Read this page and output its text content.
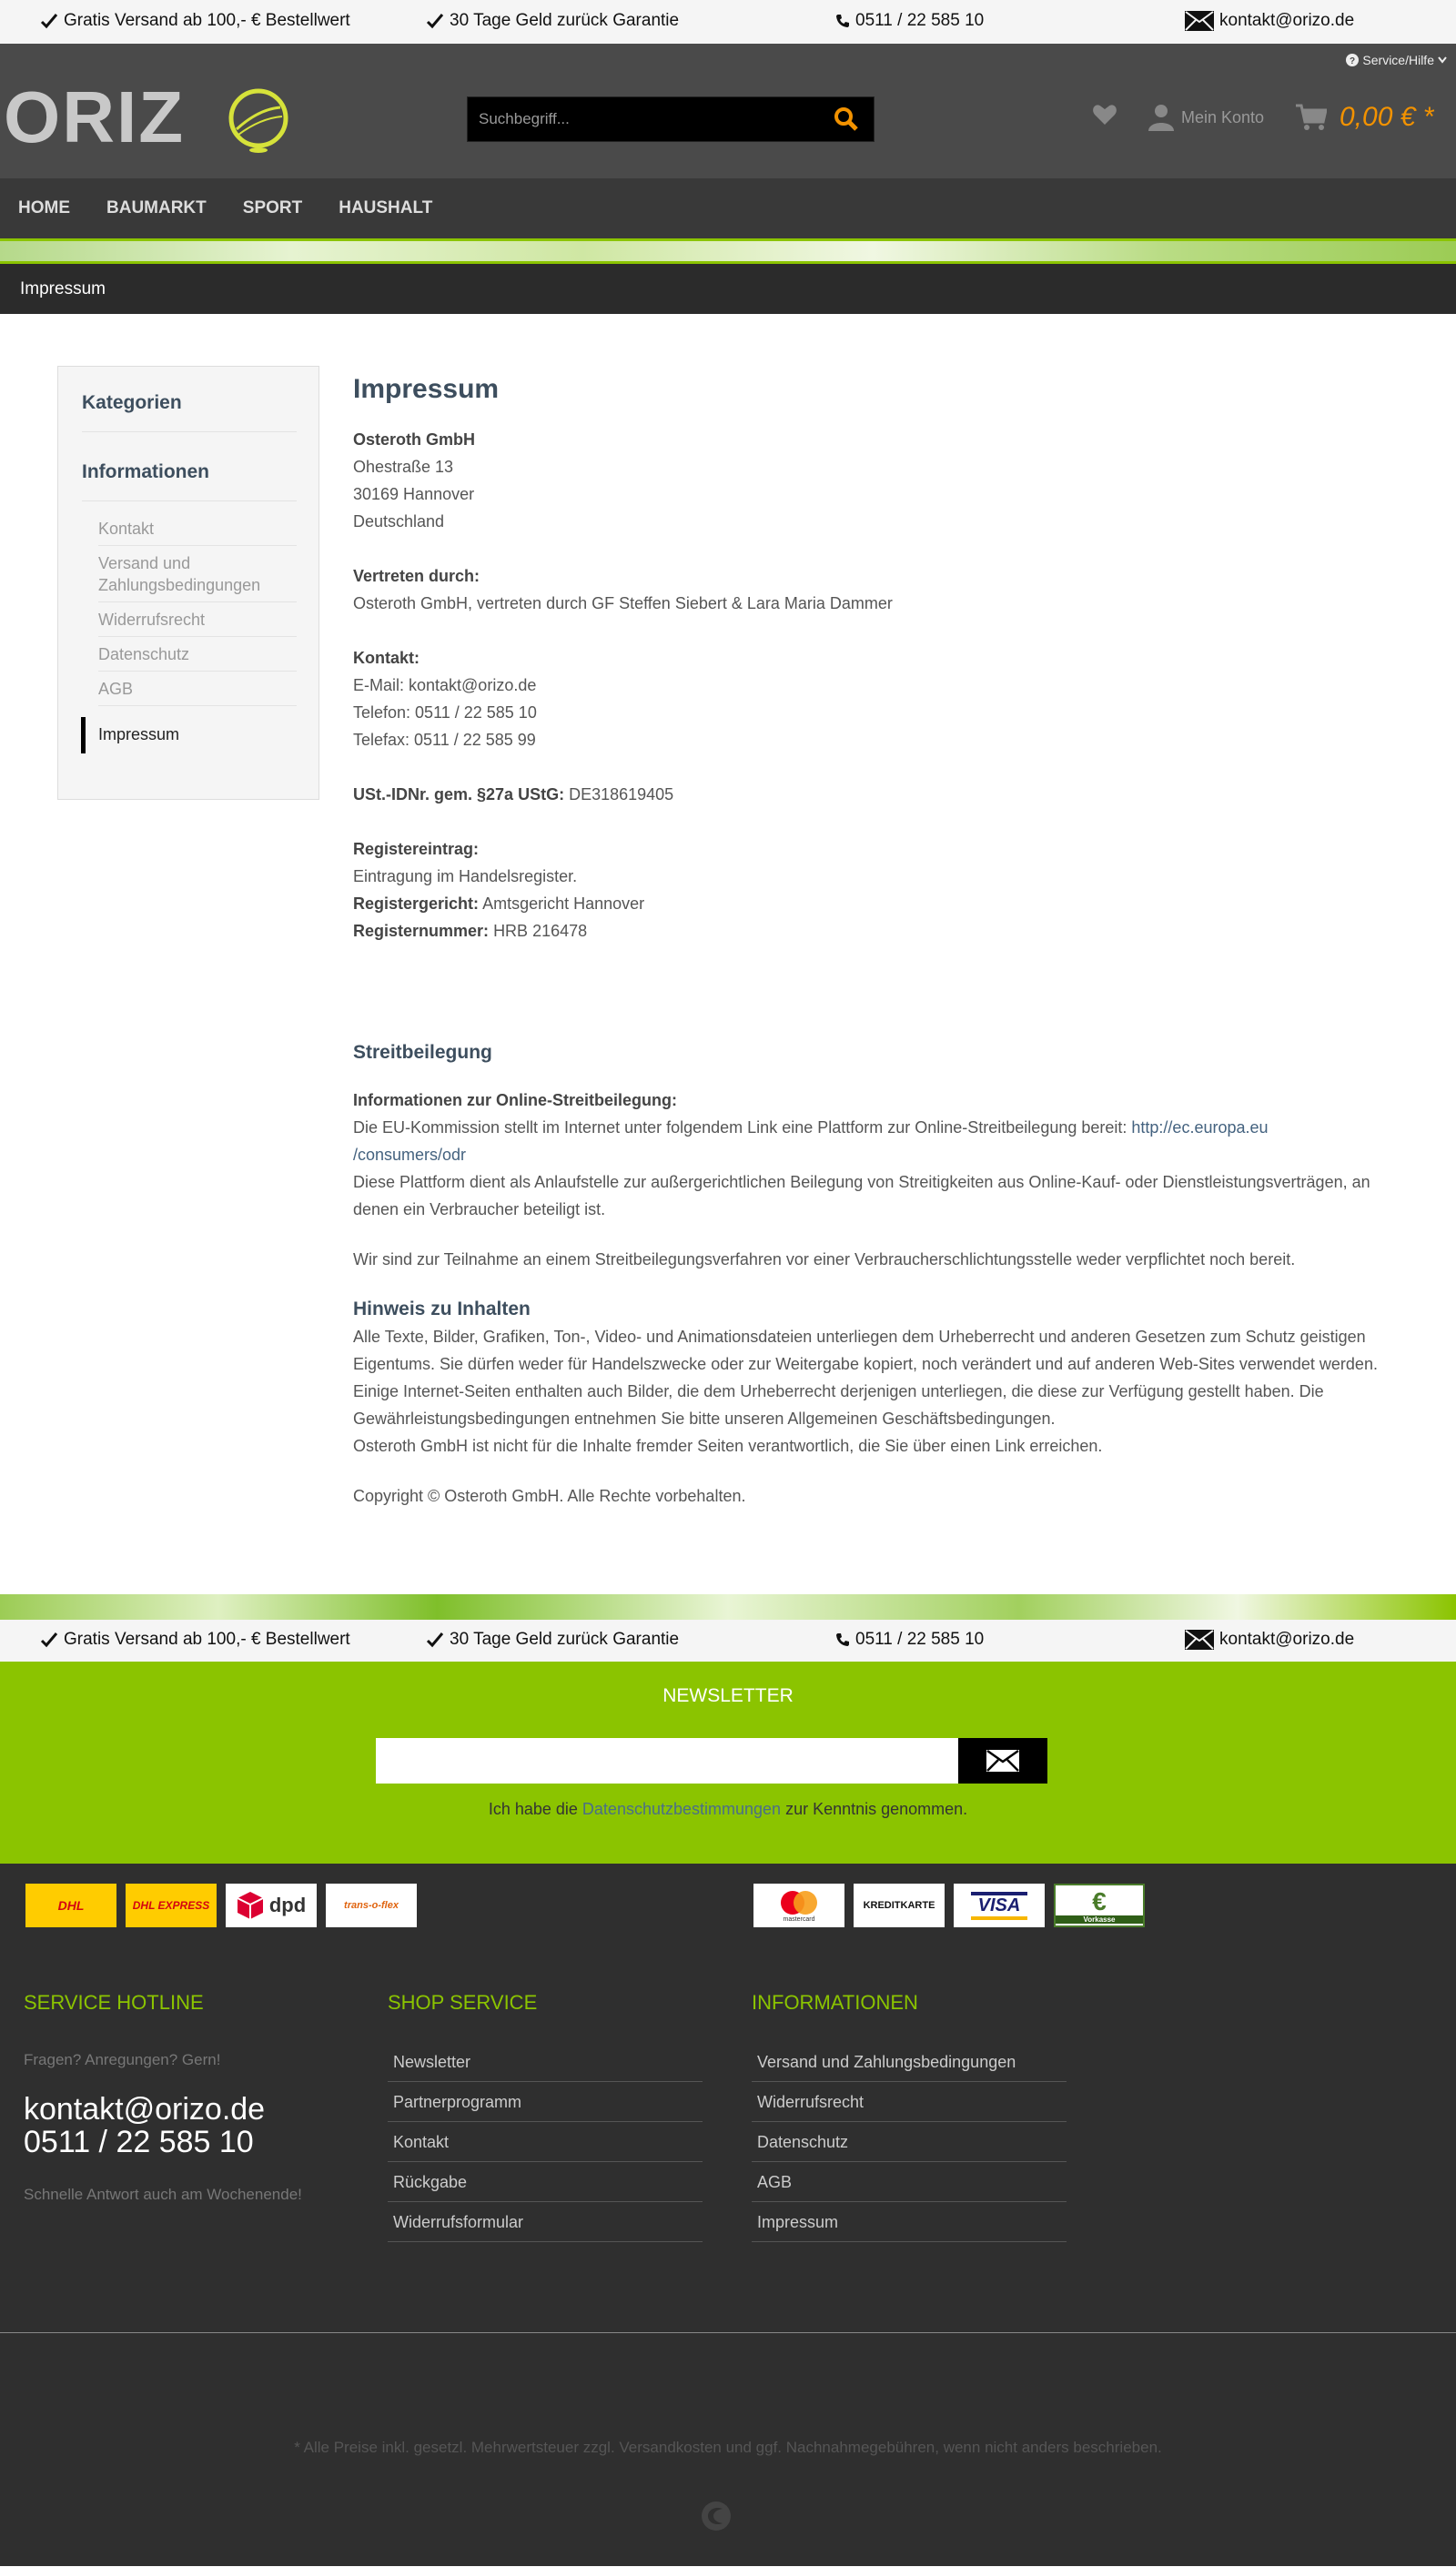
Gratis Versand ab 100,- € Bestellwert	30 Tage Geld zurück Garantie	0511 / 22 585 10	kontakt@orizo.de
? Service/Hilfe
ORIZ
Suchbegriff...	Mein Konto	0,00 € *
HOME BAUMARKT SPORT HAUSHALT
Impressum
Kategorien
Informationen
Kontakt
Versand und Zahlungsbedingungen
Widerrufsrecht
Datenschutz
AGB
Impressum
Impressum

Osteroth GmbH

Ohestraße 13

30169 Hannover

Deutschland

Vertreten durch:

Osteroth GmbH, vertreten durch GF Steffen Siebert & Lara Maria Dammer

Kontakt:

E-Mail: kontakt@orizo.de

Telefon: 0511 / 22 585 10

Telefax: 0511 / 22 585 99

USt.-IDNr. gem. §27a UStG: DE318619405

Registereintrag:

Eintragung im Handelsregister.

Registergericht: Amtsgericht Hannover

Registernummer: HRB 216478

Streitbeilegung

Informationen zur Online-Streitbeilegung:

Die EU-Kommission stellt im Internet unter folgendem Link eine Plattform zur Online-Streitbeilegung bereit: http://ec.europa.eu
/consumers/odr

Diese Plattform dient als Anlaufstelle zur außergerichtlichen Beilegung von Streitigkeiten aus Online-Kauf- oder Dienstleistungsverträgen, an denen ein Verbraucher beteiligt ist.

Wir sind zur Teilnahme an einem Streitbeilegungsverfahren vor einer Verbraucherschlichtungsstelle weder verpflichtet noch bereit.

Hinweis zu Inhalten

Alle Texte, Bilder, Grafiken, Ton-, Video- und Animationsdateien unterliegen dem Urheberrecht und anderen Gesetzen zum Schutz geistigen Eigentums. Sie dürfen weder für Handelszwecke oder zur Weitergabe kopiert, noch verändert und auf anderen Web-Sites verwendet werden. Einige Internet-Seiten enthalten auch Bilder, die dem Urheberrecht derjenigen unterliegen, die diese zur Verfügung gestellt haben. Die Gewährleistungsbedingungen entnehmen Sie bitte unseren Allgemeinen Geschäftsbedingungen.

Osteroth GmbH ist nicht für die Inhalte fremder Seiten verantwortlich, die Sie über einen Link erreichen.

Copyright © Osteroth GmbH. Alle Rechte vorbehalten.

Gratis Versand ab 100,- € Bestellwert	30 Tage Geld zurück Garantie	0511 / 22 585 10	kontakt@orizo.de
NEWSLETTER
Ich habe die Datenschutzbestimmungen zur Kenntnis genommen.
DHL	DHL EXPRESS	dpd	trans-o-flex
mastercard
KREDITKARTE	VISA	€
Vorkasse
SERVICE HOTLINE
Fragen? Anregungen? Gern!
kontakt@orizo.de
0511 / 22 585 10
Schnelle Antwort auch am Wochenende!
SHOP SERVICE
Newsletter
Partnerprogramm
Kontakt
Rückgabe
Widerrufsformular
INFORMATIONEN
Versand und Zahlungsbedingungen
Widerrufsrecht
Datenschutz
AGB
Impressum
* Alle Preise inkl. gesetzl. Mehrwertsteuer zzgl. Versandkosten und ggf. Nachnahmegebühren, wenn nicht anders beschrieben.
